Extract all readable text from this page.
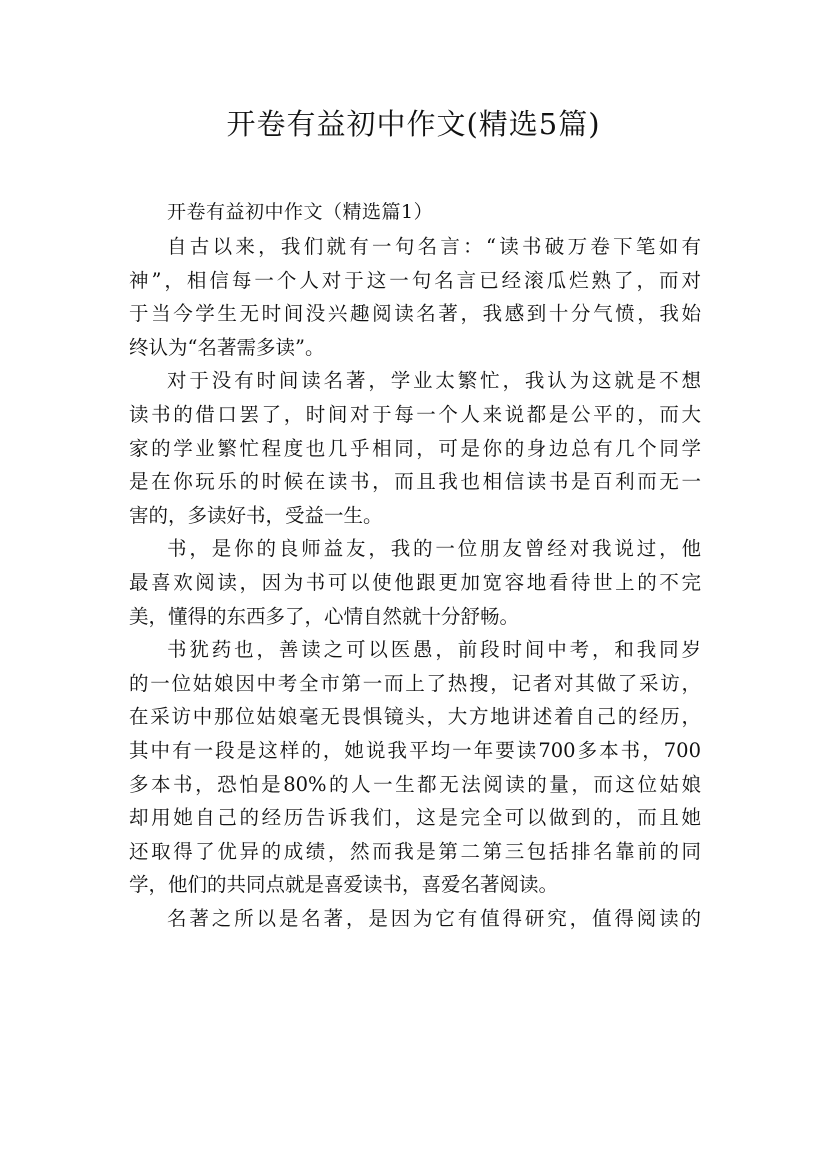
开卷有益初中作文(精选5篇)

开卷有益初中作文（精选篇1）

自古以来，我们就有一句名言：“读书破万卷下笔如有
神”，相信每一个人对于这一句名言已经滚瓜烂熟了，而对
于当今学生无时间没兴趣阅读名著，我感到十分气愤，我始
终认为“名著需多读”。

对于没有时间读名著，学业太繁忙，我认为这就是不想
读书的借口罢了，时间对于每一个人来说都是公平的，而大
家的学业繁忙程度也几乎相同，可是你的身边总有几个同学
是在你玩乐的时候在读书，而且我也相信读书是百利而无一
害的，多读好书，受益一生。

书，是你的良师益友，我的一位朋友曾经对我说过，他
最喜欢阅读，因为书可以使他跟更加宽容地看待世上的不完
美，懂得的东西多了，心情自然就十分舒畅。

书犹药也，善读之可以医愚，前段时间中考，和我同岁
的一位姑娘因中考全市第一而上了热搜，记者对其做了采访，
在采访中那位姑娘毫无畏惧镜头，大方地讲述着自己的经历，
其中有一段是这样的，她说我平均一年要读700多本书，700
多本书，恐怕是80%的人一生都无法阅读的量，而这位姑娘
却用她自己的经历告诉我们，这是完全可以做到的，而且她
还取得了优异的成绩，然而我是第二第三包括排名靠前的同
学，他们的共同点就是喜爱读书，喜爱名著阅读。

名著之所以是名著，是因为它有值得研究，值得阅读的
